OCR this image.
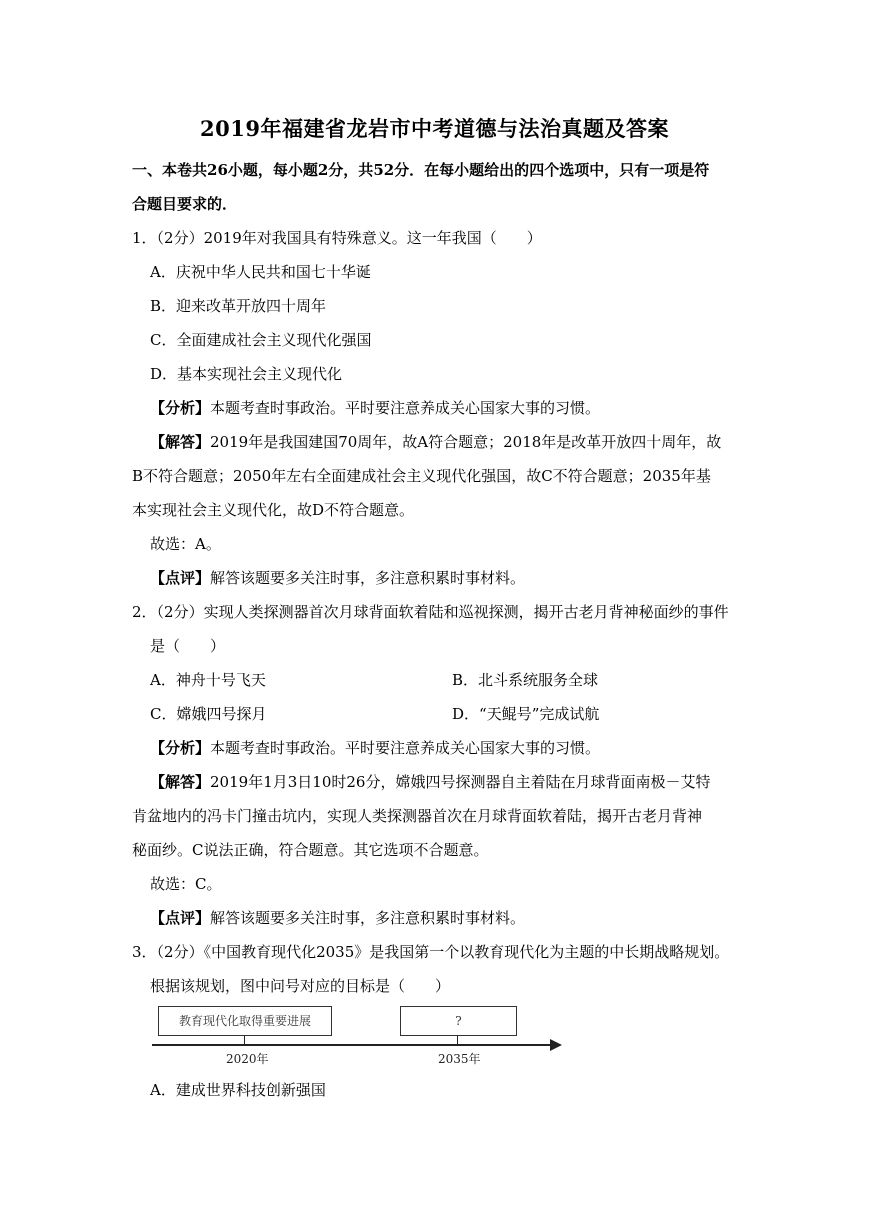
2019年福建省龙岩市中考道德与法治真题及答案
一、本卷共26小题，每小题2分，共52分．在每小题给出的四个选项中，只有一项是符
合题目要求的．
1．（2分）2019年对我国具有特殊意义。这一年我国（　　）
A．庆祝中华人民共和国七十华诞
B．迎来改革开放四十周年
C．全面建成社会主义现代化强国
D．基本实现社会主义现代化
【分析】本题考查时事政治。平时要注意养成关心国家大事的习惯。
【解答】2019年是我国建国70周年，故A符合题意；2018年是改革开放四十周年，故
B不符合题意；2050年左右全面建成社会主义现代化强国，故C不符合题意；2035年基
本实现社会主义现代化，故D不符合题意。
故选：A。
【点评】解答该题要多关注时事，多注意积累时事材料。
2．（2分）实现人类探测器首次月球背面软着陆和巡视探测，揭开古老月背神秘面纱的事件
是（　　）
A．神舟十号飞天	B．北斗系统服务全球
C．嫦娥四号探月	D．“天鲲号”完成试航
【分析】本题考查时事政治。平时要注意养成关心国家大事的习惯。
【解答】2019年1月3日10时26分，嫦娥四号探测器自主着陆在月球背面南极－艾特
肯盆地内的冯卡门撞击坑内，实现人类探测器首次在月球背面软着陆，揭开古老月背神
秘面纱。C说法正确，符合题意。其它选项不合题意。
故选：C。
【点评】解答该题要多关注时事，多注意积累时事材料。
3．（2分）《中国教育现代化2035》是我国第一个以教育现代化为主题的中长期战略规划。
根据该规划，图中问号对应的目标是（　　）
教育现代化取得重要进展	?
2020年	2035年
A．建成世界科技创新强国
